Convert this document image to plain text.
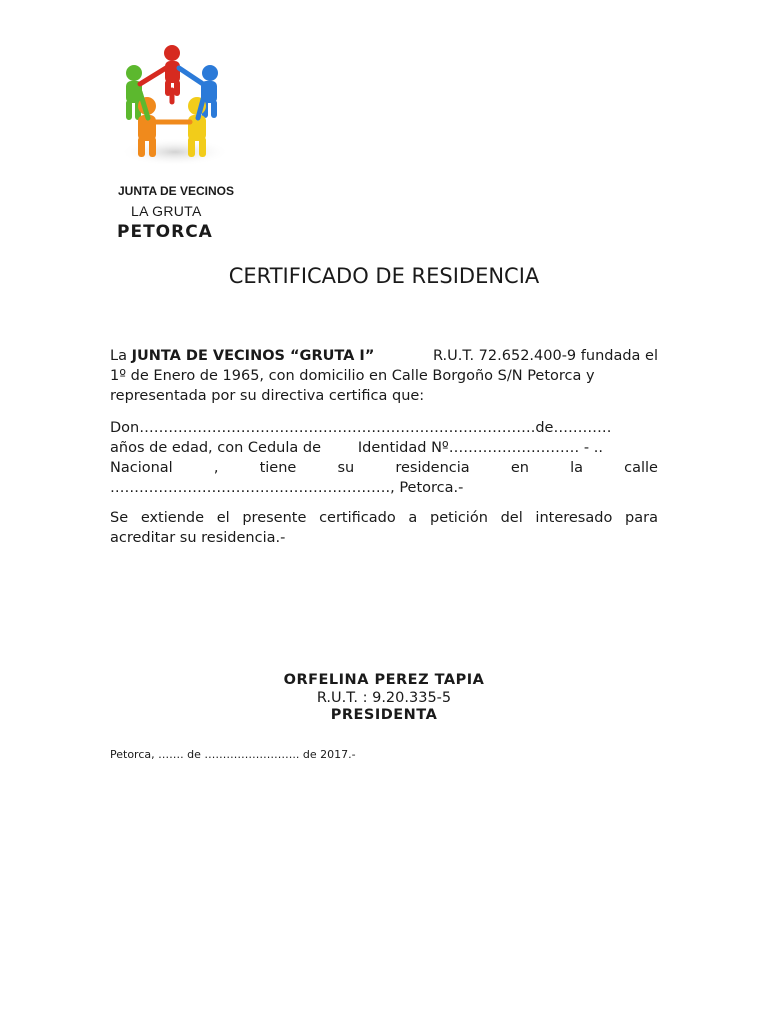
JUNTA DE VECINOS
LA GRUTA
PETORCA
CERTIFICADO DE RESIDENCIA
La JUNTA DE VECINOS “GRUTA I”	R.U.T. 72.652.400-9 fundada el
1º de Enero de 1965, con domicilio en Calle Borgoño S/N Petorca y
representada por su directiva certifica que:
Don……………………………………………………………………….de…………
años de edad, con Cedula de        Identidad Nº……………………… - ..
Nacional	,	tiene	su	residencia	en	la	calle
…………………………………………………., Petorca.-
Se extiende el presente certificado a petición del interesado para
acreditar su residencia.-
ORFELINA PEREZ TAPIA
R.U.T. : 9.20.335-5
PRESIDENTA
Petorca, ……. de …………………….. de 2017.-
